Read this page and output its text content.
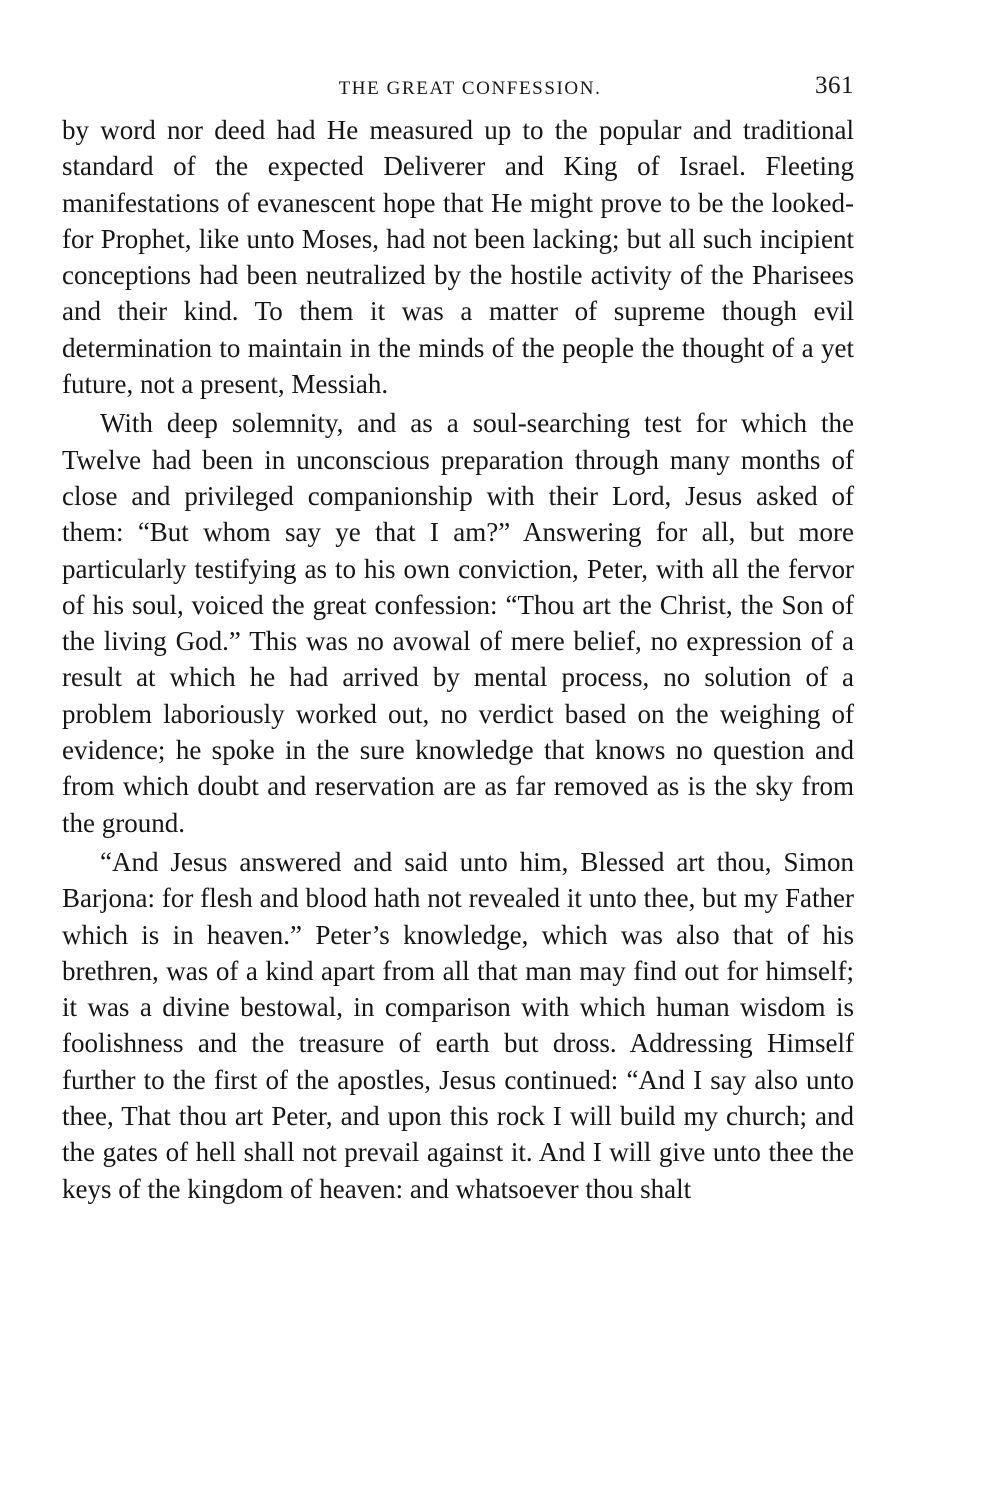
THE GREAT CONFESSION.	361

by word nor deed had He measured up to the popular and traditional standard of the expected Deliverer and King of Israel. Fleeting manifestations of evanescent hope that He might prove to be the looked-for Prophet, like unto Moses, had not been lacking; but all such incipient conceptions had been neutralized by the hostile activity of the Pharisees and their kind. To them it was a matter of supreme though evil determination to maintain in the minds of the people the thought of a yet future, not a present, Messiah.

With deep solemnity, and as a soul-searching test for which the Twelve had been in unconscious preparation through many months of close and privileged companionship with their Lord, Jesus asked of them: “But whom say ye that I am?” Answering for all, but more particularly testifying as to his own conviction, Peter, with all the fervor of his soul, voiced the great confession: “Thou art the Christ, the Son of the living God.” This was no avowal of mere belief, no expression of a result at which he had arrived by mental process, no solution of a problem laboriously worked out, no verdict based on the weighing of evidence; he spoke in the sure knowledge that knows no question and from which doubt and reservation are as far removed as is the sky from the ground.

“And Jesus answered and said unto him, Blessed art thou, Simon Barjona: for flesh and blood hath not revealed it unto thee, but my Father which is in heaven.” Peter’s knowledge, which was also that of his brethren, was of a kind apart from all that man may find out for himself; it was a divine bestowal, in comparison with which human wisdom is foolishness and the treasure of earth but dross. Addressing Himself further to the first of the apostles, Jesus continued: “And I say also unto thee, That thou art Peter, and upon this rock I will build my church; and the gates of hell shall not prevail against it. And I will give unto thee the keys of the kingdom of heaven: and whatsoever thou shalt
